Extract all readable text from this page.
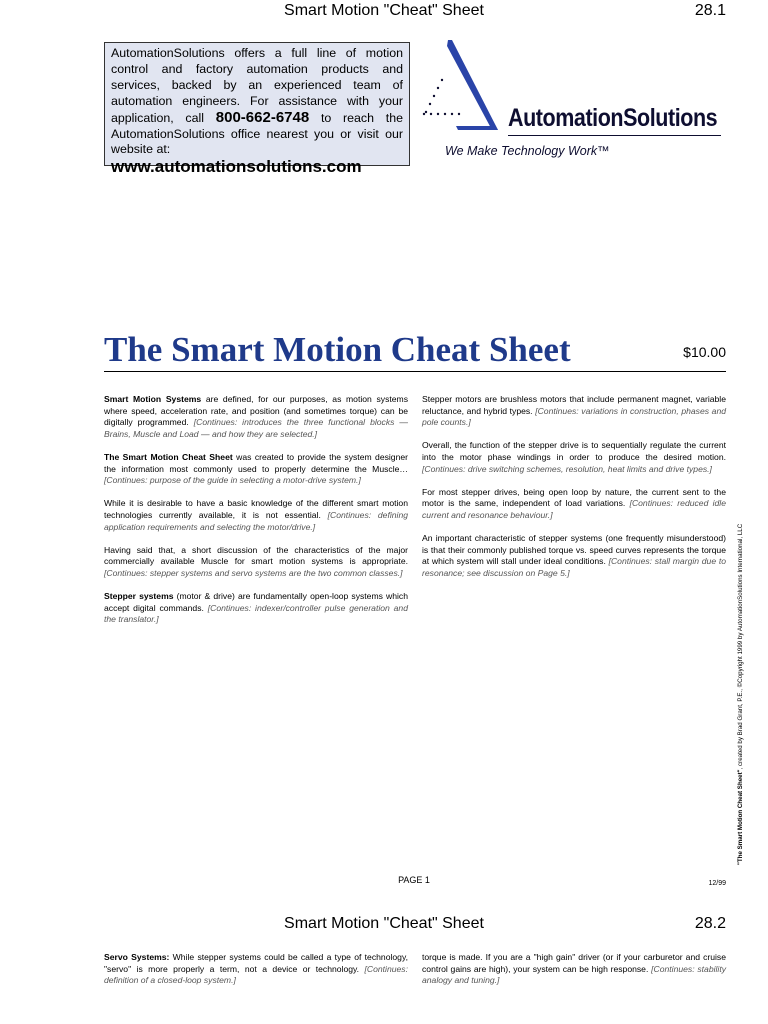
Smart Motion "Cheat" Sheet	28.1
AutomationSolutions offers a full line of motion control and factory automation products and services, backed by an experienced team of automation engineers. For assistance with your application, call 800-662-6748 to reach the AutomationSolutions office nearest you or visit our website at:
www.automationsolutions.com
AutomationSolutions
We Make Technology Work™
The Smart Motion Cheat Sheet	$10.00

Smart Motion Systems are defined, for our purposes, as motion systems where speed, acceleration rate, and position (and sometimes torque) can be digitally programmed. [Continues: introduces the three functional blocks — Brains, Muscle and Load — and how they are selected.]

The Smart Motion Cheat Sheet was created to provide the system designer the information most commonly used to properly determine the Muscle… [Continues: purpose of the guide in selecting a motor-drive system.]

While it is desirable to have a basic knowledge of the different smart motion technologies currently available, it is not essential. [Continues: defining application requirements and selecting the motor/drive.]

Having said that, a short discussion of the characteristics of the major commercially available Muscle for smart motion systems is appropriate. [Continues: stepper systems and servo systems are the two common classes.]

Stepper systems (motor & drive) are fundamentally open-loop systems which accept digital commands. [Continues: indexer/controller pulse generation and the translator.]

Stepper motors are brushless motors that include permanent magnet, variable reluctance, and hybrid types. [Continues: variations in construction, phases and pole counts.]

Overall, the function of the stepper drive is to sequentially regulate the current into the motor phase windings in order to produce the desired motion. [Continues: drive switching schemes, resolution, heat limits and drive types.]

For most stepper drives, being open loop by nature, the current sent to the motor is the same, independent of load variations. [Continues: reduced idle current and resonance behaviour.]

An important characteristic of stepper systems (one frequently misunderstood) is that their commonly published torque vs. speed curves represents the torque at which system will stall under ideal conditions. [Continues: stall margin due to resonance; see discussion on Page 5.]

"The Smart Motion Cheat Sheet", created by Brad Grant, P.E., ©Copyright 1999 by AutomationSolutions International, LLC
PAGE 1	12/99
Smart Motion "Cheat" Sheet	28.2

Servo Systems: While stepper systems could be called a type of technology, "servo" is more properly a term, not a device or technology. [Continues: definition of a closed-loop system.]

torque is made. If you are a "high gain" driver (or if your carburetor and cruise control gains are high), your system can be high response. [Continues: stability analogy and tuning.]
